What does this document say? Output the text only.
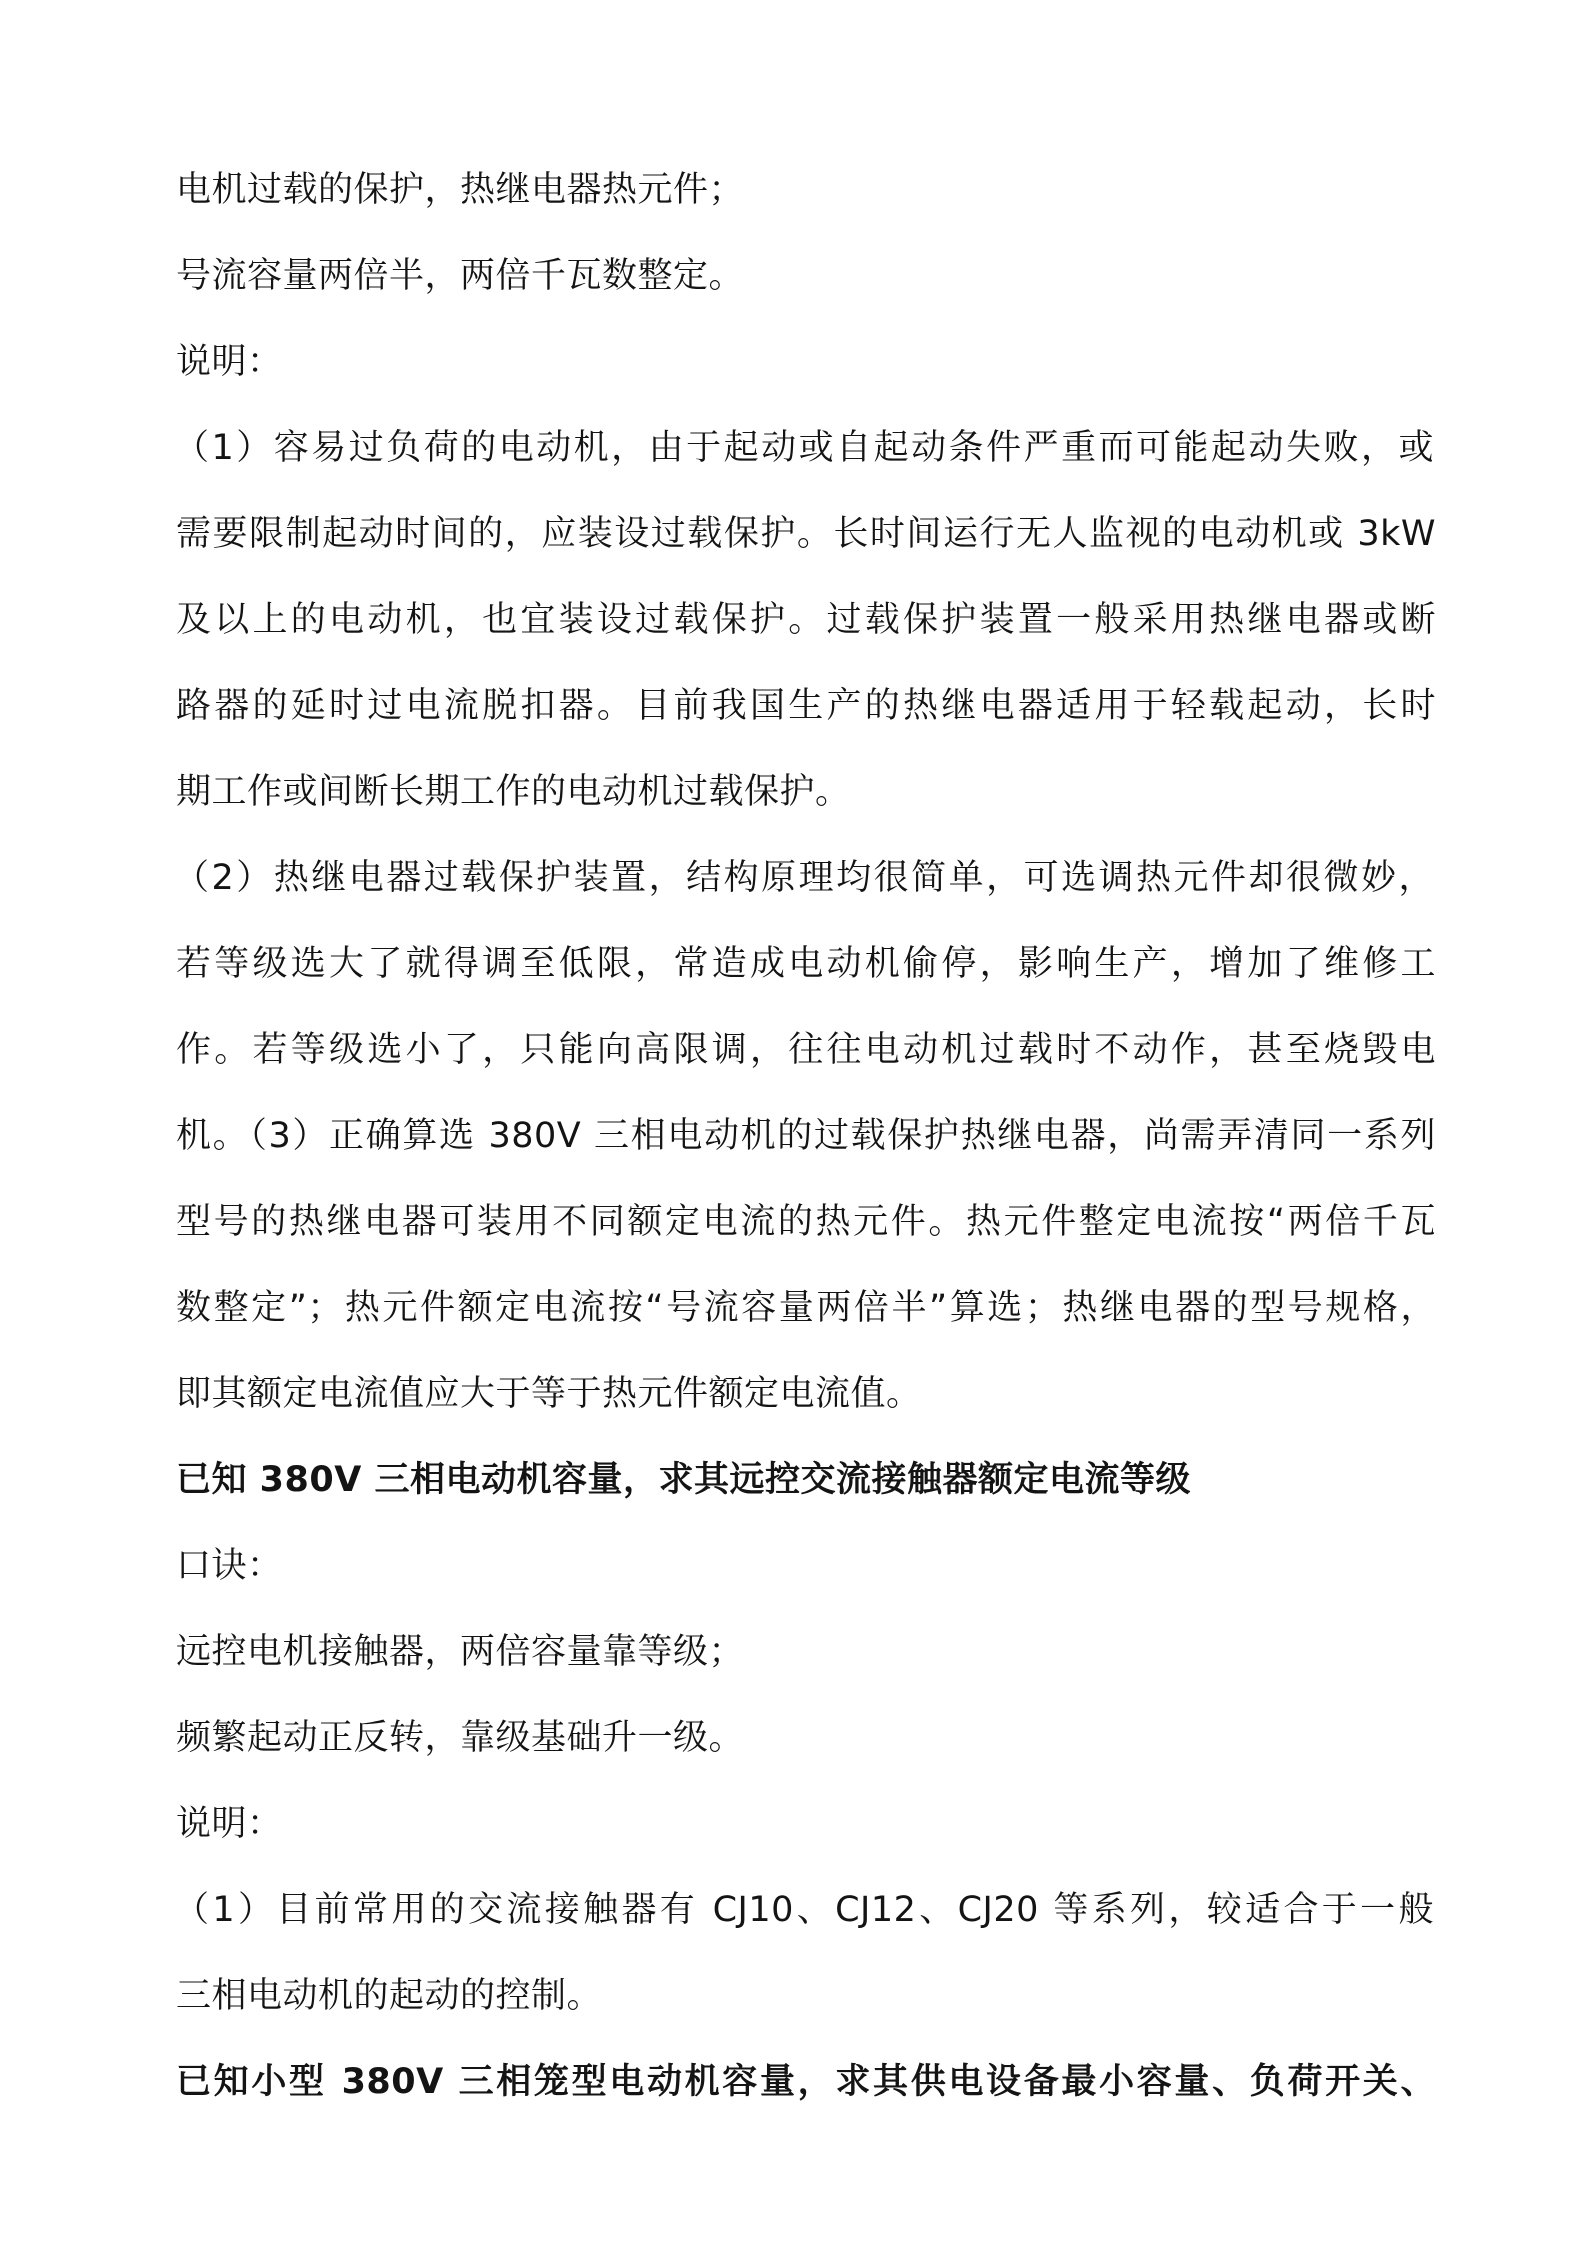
电机过载的保护，热继电器热元件；
号流容量两倍半，两倍千瓦数整定。
说明：
（1）容易过负荷的电动机，由于起动或自起动条件严重而可能起动失败，或
需要限制起动时间的，应装设过载保护。长时间运行无人监视的电动机或 3kW
及以上的电动机，也宜装设过载保护。过载保护装置一般采用热继电器或断
路器的延时过电流脱扣器。目前我国生产的热继电器适用于轻载起动，长时
期工作或间断长期工作的电动机过载保护。
（2）热继电器过载保护装置，结构原理均很简单，可选调热元件却很微妙，
若等级选大了就得调至低限，常造成电动机偷停，影响生产，增加了维修工
作。若等级选小了，只能向高限调，往往电动机过载时不动作，甚至烧毁电
机。（3）正确算选 380V 三相电动机的过载保护热继电器，尚需弄清同一系列
型号的热继电器可装用不同额定电流的热元件。热元件整定电流按“两倍千瓦
数整定”；热元件额定电流按“号流容量两倍半”算选；热继电器的型号规格，
即其额定电流值应大于等于热元件额定电流值。
已知 380V 三相电动机容量，求其远控交流接触器额定电流等级
口诀：
远控电机接触器，两倍容量靠等级；
频繁起动正反转，靠级基础升一级。
说明：
（1）目前常用的交流接触器有 CJ10、CJ12、CJ20 等系列，较适合于一般
三相电动机的起动的控制。
已知小型 380V 三相笼型电动机容量，求其供电设备最小容量、负荷开关、
